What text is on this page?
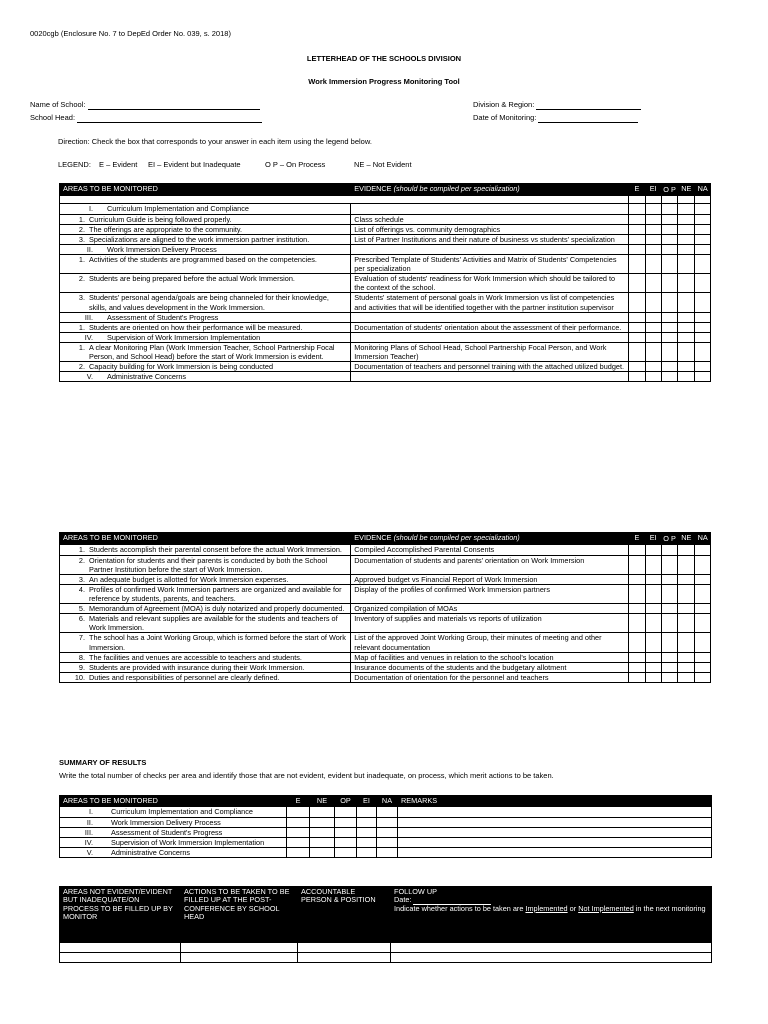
0020cgb (Enclosure No. 7 to DepEd Order No. 039, s. 2018)
LETTERHEAD OF THE SCHOOLS DIVISION
Work Immersion Progress Monitoring Tool
Name of School:
School Head:
Division & Region:
Date of Monitoring:
Direction: Check the box that corresponds to your answer in each item using the legend below.
LEGEND: E – Evident EI – Evident but Inadequate	O P – On Process	NE – Not Evident
AREAS TO BE MONITORED	EVIDENCE (should be compiled per specialization)	E	EI	O P	NE	NA

I. Curriculum Implementation and Compliance						

1. Curriculum Guide is being followed properly.	Class schedule					

2. The offerings are appropriate to the community.	List of offerings vs. community demographics					

3. Specializations are aligned to the work immersion partner institution.	List of Partner Institutions and their nature of business vs students' specialization					

II. Work Immersion Delivery Process						

1. Activities of the students are programmed based on the competencies.	Prescribed Template of Students' Activities and Matrix of Students' Competencies per specialization					

2. Students are being prepared before the actual Work Immersion.	Evaluation of students' readiness for Work Immersion which should be tailored to the context of the school.					

3. Students' personal agenda/goals are being channeled for their knowledge, skills, and values development in the Work Immersion.	Students' statement of personal goals in Work Immersion vs list of competencies and activities that will be identified together with the partner institution supervisor					

III. Assessment of Student's Progress						

1. Students are oriented on how their performance will be measured.	Documentation of students' orientation about the assessment of their performance.					

IV. Supervision of Work Immersion Implementation						

1. A clear Monitoring Plan (Work Immersion Teacher, School Partnership Focal Person, and School Head) before the start of Work Immersion is evident.	Monitoring Plans of School Head, School Partnership Focal Person, and Work Immersion Teacher)					

2. Capacity building for Work Immersion is being conducted	Documentation of teachers and personnel training with the attached utilized budget.					

V. Administrative Concerns						

AREAS TO BE MONITORED	EVIDENCE (should be compiled per specialization)	E	EI	O P	NE	NA

1. Students accomplish their parental consent before the actual Work Immersion.	Compiled Accomplished Parental Consents					

2. Orientation for students and their parents is conducted by both the School Partner Institution before the start of Work Immersion.	Documentation of students and parents' orientation on Work Immersion					

3. An adequate budget is allotted for Work Immersion expenses.	Approved budget vs Financial Report of Work Immersion					

4. Profiles of confirmed Work Immersion partners are organized and available for reference by students, parents, and teachers.	Display of the profiles of confirmed Work Immersion partners					

5. Memorandum of Agreement (MOA) is duly notarized and properly documented.	Organized compilation of MOAs					

6. Materials and relevant supplies are available for the students and teachers of Work Immersion.	Inventory of supplies and materials vs reports of utilization					

7. The school has a Joint Working Group, which is formed before the start of Work Immersion.	List of the approved Joint Working Group, their minutes of meeting and other relevant documentation					

8. The facilities and venues are accessible to teachers and students.	Map of facilities and venues in relation to the school's location					

9. Students are provided with insurance during their Work Immersion.	Insurance documents of the students and the budgetary allotment					

10. Duties and responsibilities of personnel are clearly defined.	Documentation of orientation for the personnel and teachers					
SUMMARY OF RESULTS
Write the total number of checks per area and identify those that are not evident, evident but inadequate, on process, which merit actions to be taken.
AREAS TO BE MONITORED	E	NE	OP	EI	NA	REMARKS

I. Curriculum Implementation and Compliance						

II. Work Immersion Delivery Process						

III. Assessment of Student's Progress						

IV. Supervision of Work Immersion Implementation						

V. Administrative Concerns						

AREAS NOT EVIDENT/EVIDENT BUT INADEQUATE/ON PROCESS TO BE FILLED UP BY MONITOR	ACTIONS TO BE TAKEN TO BE FILLED UP AT THE POST-CONFERENCE BY SCHOOL HEAD	ACCOUNTABLE PERSON & POSITION	FOLLOW UP
Date:
Indicate whether actions to be taken are Implemented or Not Implemented in the next monitoring
